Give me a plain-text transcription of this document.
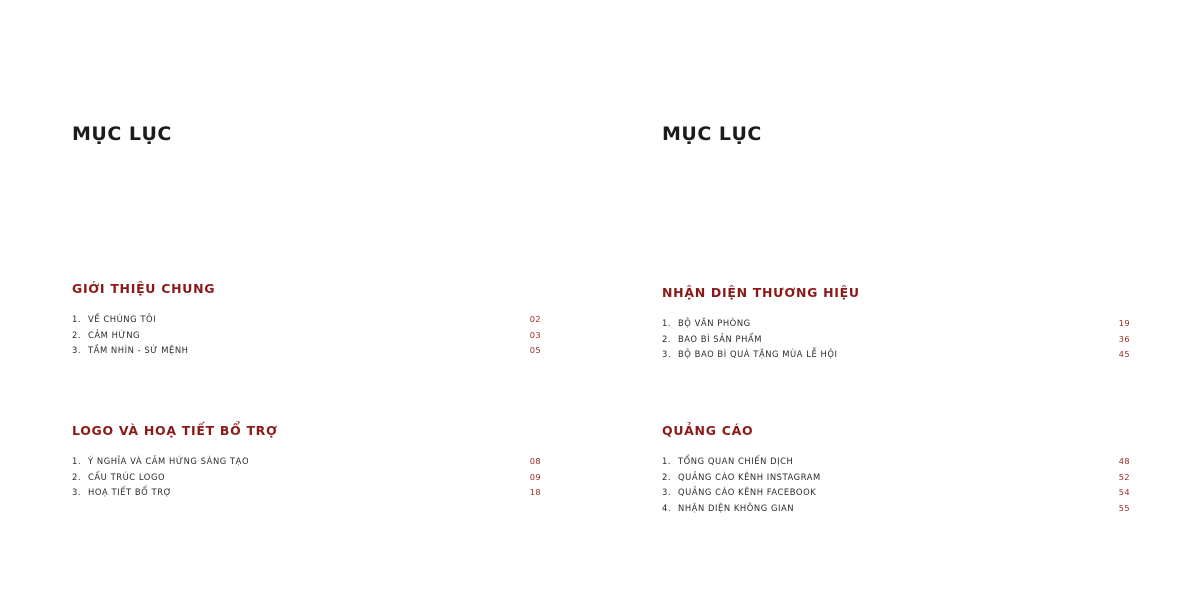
MỤC LỤC
GIỚI THIỆU CHUNG
1. VỀ CHÚNG TÔI	02
2. CẢM HỨNG	03
3. TẦM NHÌN - SỨ MỆNH	05
LOGO VÀ HOẠ TIẾT BỔ TRỢ
1. Ý NGHĨA VÀ CẢM HỨNG SÁNG TẠO	08
2. CẤU TRÚC LOGO	09
3. HOẠ TIẾT BỔ TRỢ	18
MỤC LỤC
NHẬN DIỆN THƯƠNG HIỆU
1. BỘ VĂN PHÒNG	19
2. BAO BÌ SẢN PHẨM	36
3. BỘ BAO BÌ QUÀ TẶNG MÙA LỄ HỘI	45
QUẢNG CÁO
1. TỔNG QUAN CHIẾN DỊCH	48
2. QUẢNG CÁO KÊNH INSTAGRAM	52
3. QUẢNG CÁO KÊNH FACEBOOK	54
4. NHẬN DIỆN KHÔNG GIAN	55
